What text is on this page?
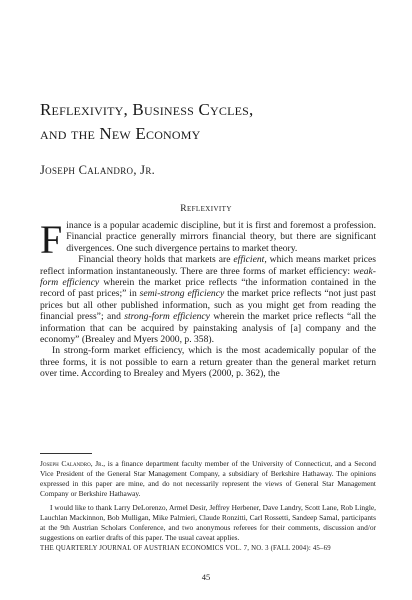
Reflexivity, Business Cycles,
and the New Economy

Joseph Calandro, Jr.

Reflexivity

Finance is a popular academic discipline, but it is first and foremost a profession. Financial practice generally mirrors financial theory, but there are significant divergences. One such divergence pertains to market theory.

Financial theory holds that markets are efficient, which means market prices reflect information instantaneously. There are three forms of market efficiency: weak-form efficiency wherein the market price reflects “the information contained in the record of past prices;” in semi-strong efficiency the market price reflects “not just past prices but all other published information, such as you might get from reading the financial press”; and strong-form efficiency wherein the market price reflects “all the information that can be acquired by painstaking analysis of [a] company and the economy” (Brealey and Myers 2000, p. 358).

In strong-form market efficiency, which is the most academically popular of the three forms, it is not possible to earn a return greater than the general market return over time. According to Brealey and Myers (2000, p. 362), the

Joseph Calandro, Jr., is a finance department faculty member of the University of Connecticut, and a Second Vice President of the General Star Management Company, a subsidiary of Berkshire Hathaway. The opinions expressed in this paper are mine, and do not necessarily represent the views of General Star Management Company or Berkshire Hathaway.

I would like to thank Larry DeLorenzo, Armel Desir, Jeffrey Herbener, Dave Landry, Scott Lane, Rob Lingle, Lauchlan Mackinnon, Bob Mulligan, Mike Palmieri, Claude Ronzitti, Carl Rossetti, Sandeep Samal, participants at the 9th Austrian Scholars Conference, and two anonymous referees for their comments, discussion and/or suggestions on earlier drafts of this paper. The usual caveat applies.

THE QUARTERLY JOURNAL OF AUSTRIAN ECONOMICS VOL. 7, NO. 3 (FALL 2004): 45–69

45
